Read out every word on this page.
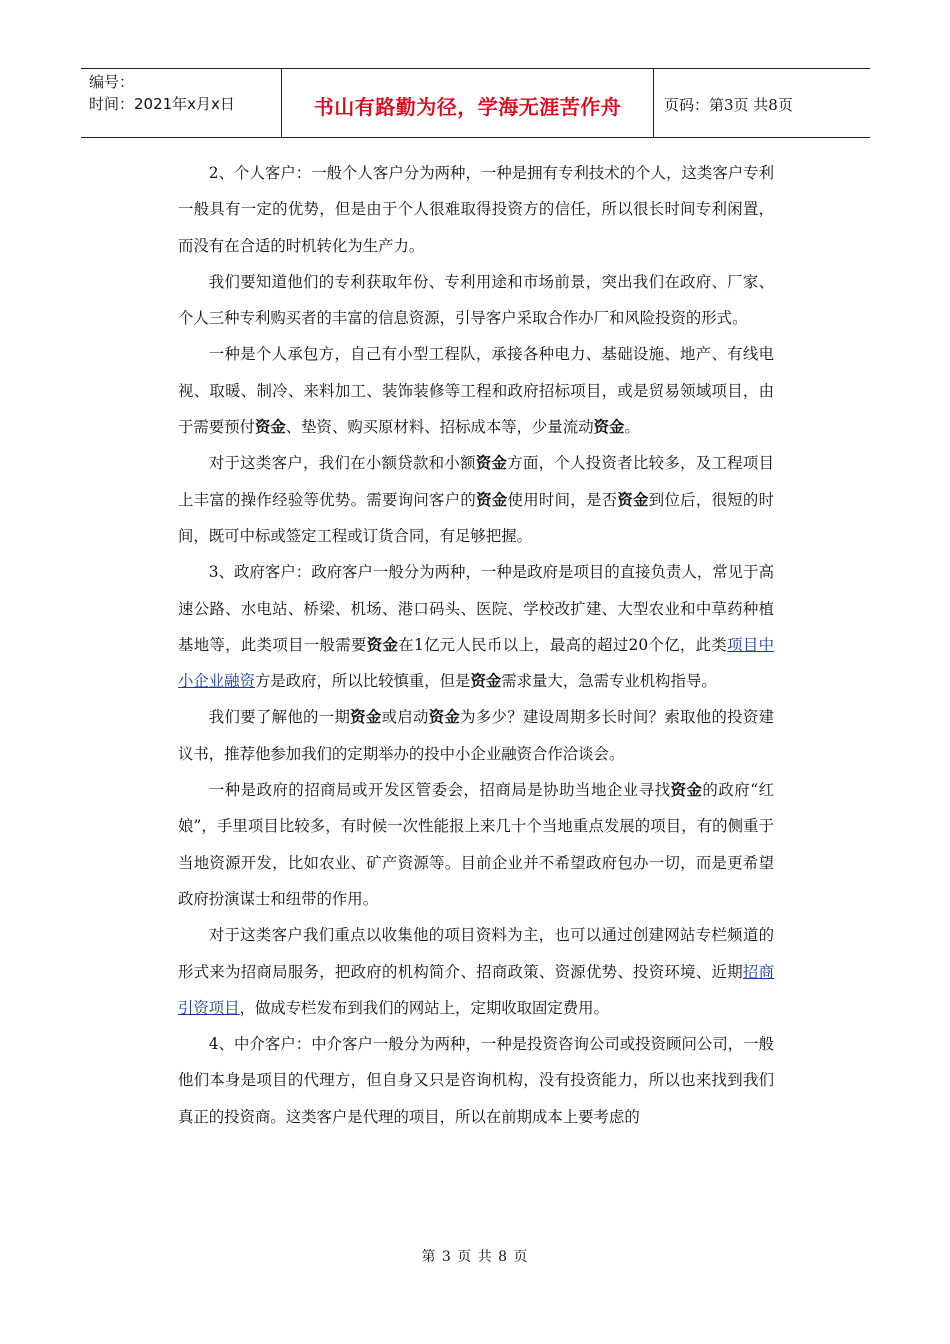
编号：
时间：2021年x月x日	书山有路勤为径，学海无涯苦作舟	页码：第3页 共8页

2、个人客户：一般个人客户分为两种，一种是拥有专利技术的个人，这类客户专利一般具有一定的优势，但是由于个人很难取得投资方的信任，所以很长时间专利闲置，而没有在合适的时机转化为生产力。

我们要知道他们的专利获取年份、专利用途和市场前景，突出我们在政府、厂家、个人三种专利购买者的丰富的信息资源，引导客户采取合作办厂和风险投资的形式。

一种是个人承包方，自己有小型工程队，承接各种电力、基础设施、地产、有线电视、取暖、制冷、来料加工、装饰装修等工程和政府招标项目，或是贸易领域项目，由于需要预付资金、垫资、购买原材料、招标成本等，少量流动资金。

对于这类客户，我们在小额贷款和小额资金方面，个人投资者比较多，及工程项目上丰富的操作经验等优势。需要询问客户的资金使用时间，是否资金到位后，很短的时间，既可中标或签定工程或订货合同，有足够把握。

3、政府客户：政府客户一般分为两种，一种是政府是项目的直接负责人，常见于高速公路、水电站、桥梁、机场、港口码头、医院、学校改扩建、大型农业和中草药种植基地等，此类项目一般需要资金在1亿元人民币以上，最高的超过20个亿，此类项目中小企业融资方是政府，所以比较慎重，但是资金需求量大，急需专业机构指导。

我们要了解他的一期资金或启动资金为多少？建设周期多长时间？索取他的投资建议书，推荐他参加我们的定期举办的投中小企业融资合作洽谈会。

一种是政府的招商局或开发区管委会，招商局是协助当地企业寻找资金的政府“红娘”，手里项目比较多，有时候一次性能报上来几十个当地重点发展的项目，有的侧重于当地资源开发，比如农业、矿产资源等。目前企业并不希望政府包办一切，而是更希望政府扮演谋士和纽带的作用。

对于这类客户我们重点以收集他的项目资料为主，也可以通过创建网站专栏频道的形式来为招商局服务，把政府的机构简介、招商政策、资源优势、投资环境、近期招商引资项目，做成专栏发布到我们的网站上，定期收取固定费用。

4、中介客户：中介客户一般分为两种，一种是投资咨询公司或投资顾问公司，一般他们本身是项目的代理方，但自身又只是咨询机构，没有投资能力，所以也来找到我们真正的投资商。这类客户是代理的项目，所以在前期成本上要考虑的

第 3 页 共 8 页
